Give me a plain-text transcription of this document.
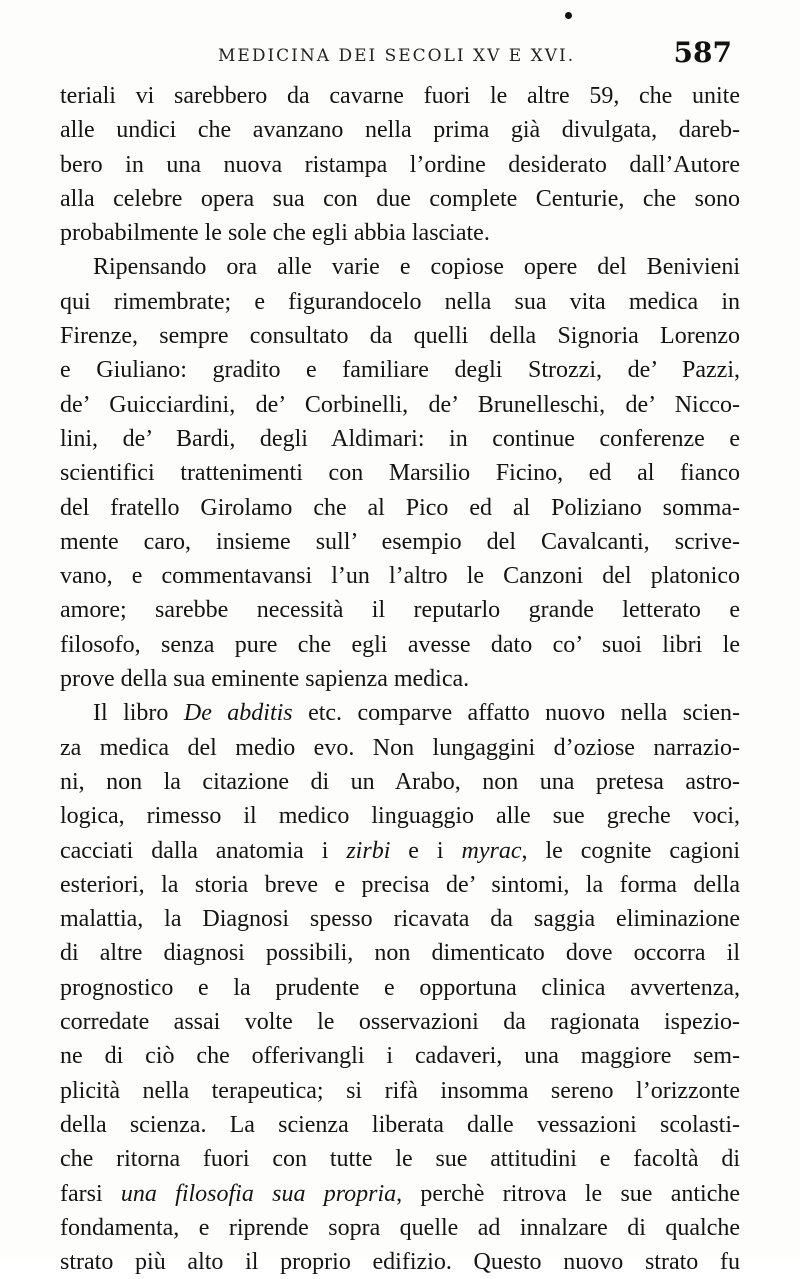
MEDICINA DEI SECOLI XV E XVI.	587
teriali vi sarebbero da cavarne fuori le altre 59, che unite
alle undici che avanzano nella prima già divulgata, dareb-
bero in una nuova ristampa l’ordine desiderato dall’Autore
alla celebre opera sua con due complete Centurie, che sono
probabilmente le sole che egli abbia lasciate.
Ripensando ora alle varie e copiose opere del Benivieni
qui rimembrate; e figurandocelo nella sua vita medica in
Firenze, sempre consultato da quelli della Signoria Lorenzo
e Giuliano: gradito e familiare degli Strozzi, de’ Pazzi,
de’ Guicciardini, de’ Corbinelli, de’ Brunelleschi, de’ Nicco-
lini, de’ Bardi, degli Aldimari: in continue conferenze e
scientifici trattenimenti con Marsilio Ficino, ed al fianco
del fratello Girolamo che al Pico ed al Poliziano somma-
mente caro, insieme sull’ esempio del Cavalcanti, scrive-
vano, e commentavansi l’un l’altro le Canzoni del platonico
amore; sarebbe necessità il reputarlo grande letterato e
filosofo, senza pure che egli avesse dato co’ suoi libri le
prove della sua eminente sapienza medica.
Il libro De abditis etc. comparve affatto nuovo nella scien-
za medica del medio evo. Non lungaggini d’oziose narrazio-
ni, non la citazione di un Arabo, non una pretesa astro-
logica, rimesso il medico linguaggio alle sue greche voci,
cacciati dalla anatomia i zirbi e i myrac, le cognite cagioni
esteriori, la storia breve e precisa de’ sintomi, la forma della
malattia, la Diagnosi spesso ricavata da saggia eliminazione
di altre diagnosi possibili, non dimenticato dove occorra il
prognostico e la prudente e opportuna clinica avvertenza,
corredate assai volte le osservazioni da ragionata ispezio-
ne di ciò che offerivangli i cadaveri, una maggiore sem-
plicità nella terapeutica; si rifà insomma sereno l’orizzonte
della scienza. La scienza liberata dalle vessazioni scolasti-
che ritorna fuori con tutte le sue attitudini e facoltà di
farsi una filosofia sua propria, perchè ritrova le sue antiche
fondamenta, e riprende sopra quelle ad innalzare di qualche
strato più alto il proprio edifizio. Questo nuovo strato fu
